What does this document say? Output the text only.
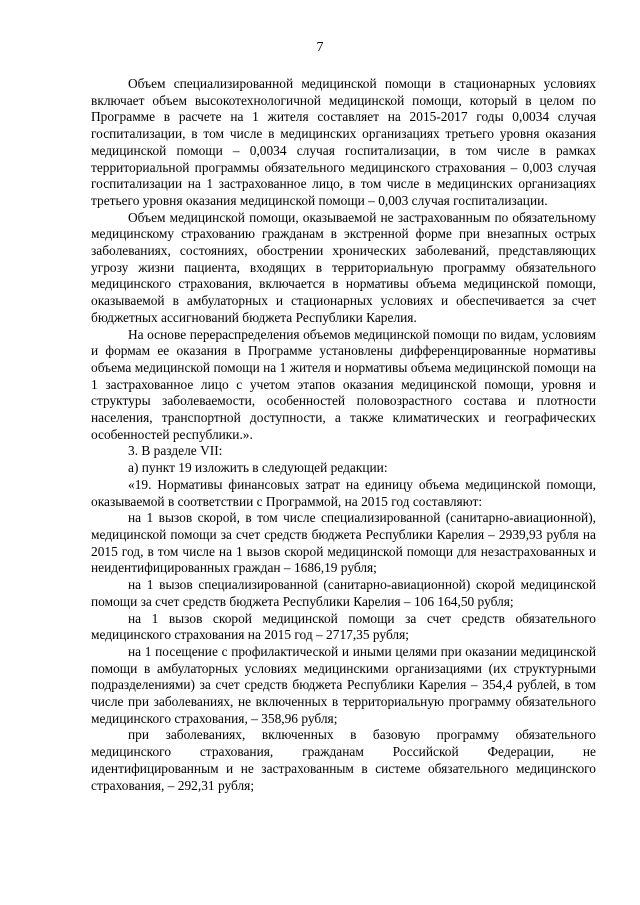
7

Объем специализированной медицинской помощи в стационарных условиях включает объем высокотехнологичной медицинской помощи, который в целом по Программе в расчете на 1 жителя составляет на 2015-2017 годы 0,0034 случая госпитализации, в том числе в медицинских организациях третьего уровня оказания медицинской помощи – 0,0034 случая госпитализации, в том числе в рамках территориальной программы обязательного медицинского страхования – 0,003 случая госпитализации на 1 застрахованное лицо, в том числе в медицинских организациях третьего уровня оказания медицинской помощи – 0,003 случая госпитализации.

Объем медицинской помощи, оказываемой не застрахованным по обязательному медицинскому страхованию гражданам в экстренной форме при внезапных острых заболеваниях, состояниях, обострении хронических заболеваний, представляющих угрозу жизни пациента, входящих в территориальную программу обязательного медицинского страхования, включается в нормативы объема медицинской помощи, оказываемой в амбулаторных и стационарных условиях и обеспечивается за счет бюджетных ассигнований бюджета Республики Карелия.

На основе перераспределения объемов медицинской помощи по видам, условиям и формам ее оказания в Программе установлены дифференцированные нормативы объема медицинской помощи на 1 жителя и нормативы объема медицинской помощи на 1 застрахованное лицо с учетом этапов оказания медицинской помощи, уровня и структуры заболеваемости, особенностей половозрастного состава и плотности населения, транспортной доступности, а также климатических и географических особенностей республики.».

3. В разделе VII:

а) пункт 19 изложить в следующей редакции:

«19. Нормативы финансовых затрат на единицу объема медицинской помощи, оказываемой в соответствии с Программой, на 2015 год составляют:

на 1 вызов скорой, в том числе специализированной (санитарно-авиационной), медицинской помощи за счет средств бюджета Республики Карелия – 2939,93 рубля на 2015 год, в том числе на 1 вызов скорой медицинской помощи для незастрахованных и неидентифицированных граждан – 1686,19 рубля;

на 1 вызов специализированной (санитарно-авиационной) скорой медицинской помощи за счет средств бюджета Республики Карелия – 106 164,50 рубля;

на 1 вызов скорой медицинской помощи за счет средств обязательного медицинского страхования на 2015 год – 2717,35 рубля;

на 1 посещение с профилактической и иными целями при оказании медицинской помощи в амбулаторных условиях медицинскими организациями (их структурными подразделениями) за счет средств бюджета Республики Карелия – 354,4 рублей, в том числе при заболеваниях, не включенных в территориальную программу обязательного медицинского страхования, – 358,96 рубля;

при заболеваниях, включенных в базовую программу обязательного медицинского страхования, гражданам Российской Федерации, не идентифицированным и не застрахованным в системе обязательного медицинского страхования, – 292,31 рубля;
